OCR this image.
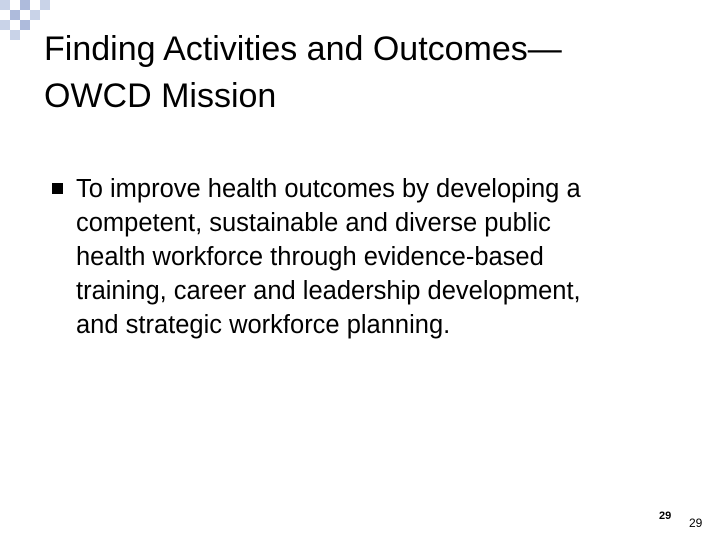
Finding Activities and Outcomes—
OWCD Mission
To improve health outcomes by developing a
competent, sustainable and diverse public
health workforce through evidence-based
training, career and leadership development,
and strategic workforce planning.
29 29
